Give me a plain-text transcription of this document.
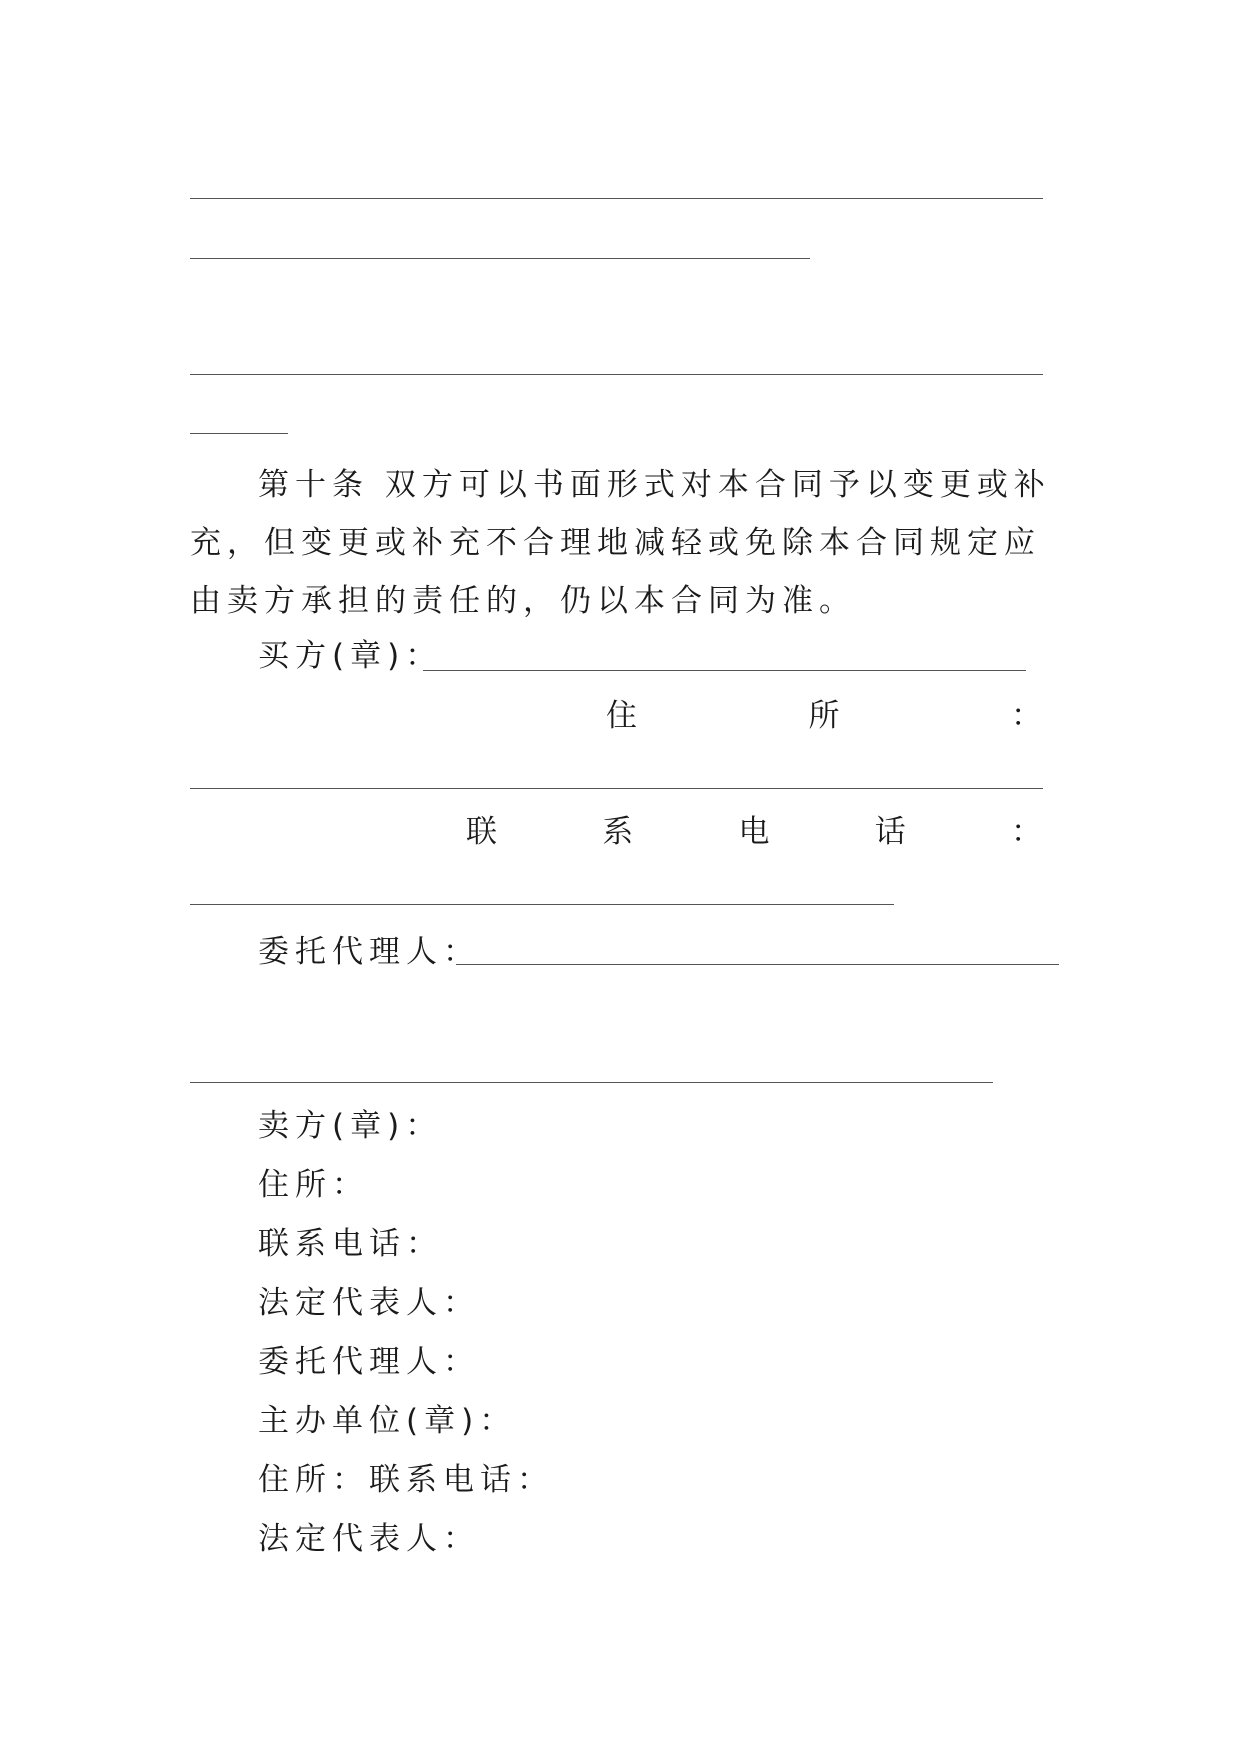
第十条 双方可以书面形式对本合同予以变更或补充，但变更或补充不合理地减轻或免除本合同规定应由卖方承担的责任的，仍以本合同为准。
买方(章)：
住	所	：
联	系	电	话	：
委托代理人：
卖方(章)：
住所：
联系电话：
法定代表人：
委托代理人：
主办单位(章)：
住所：联系电话：
法定代表人：
